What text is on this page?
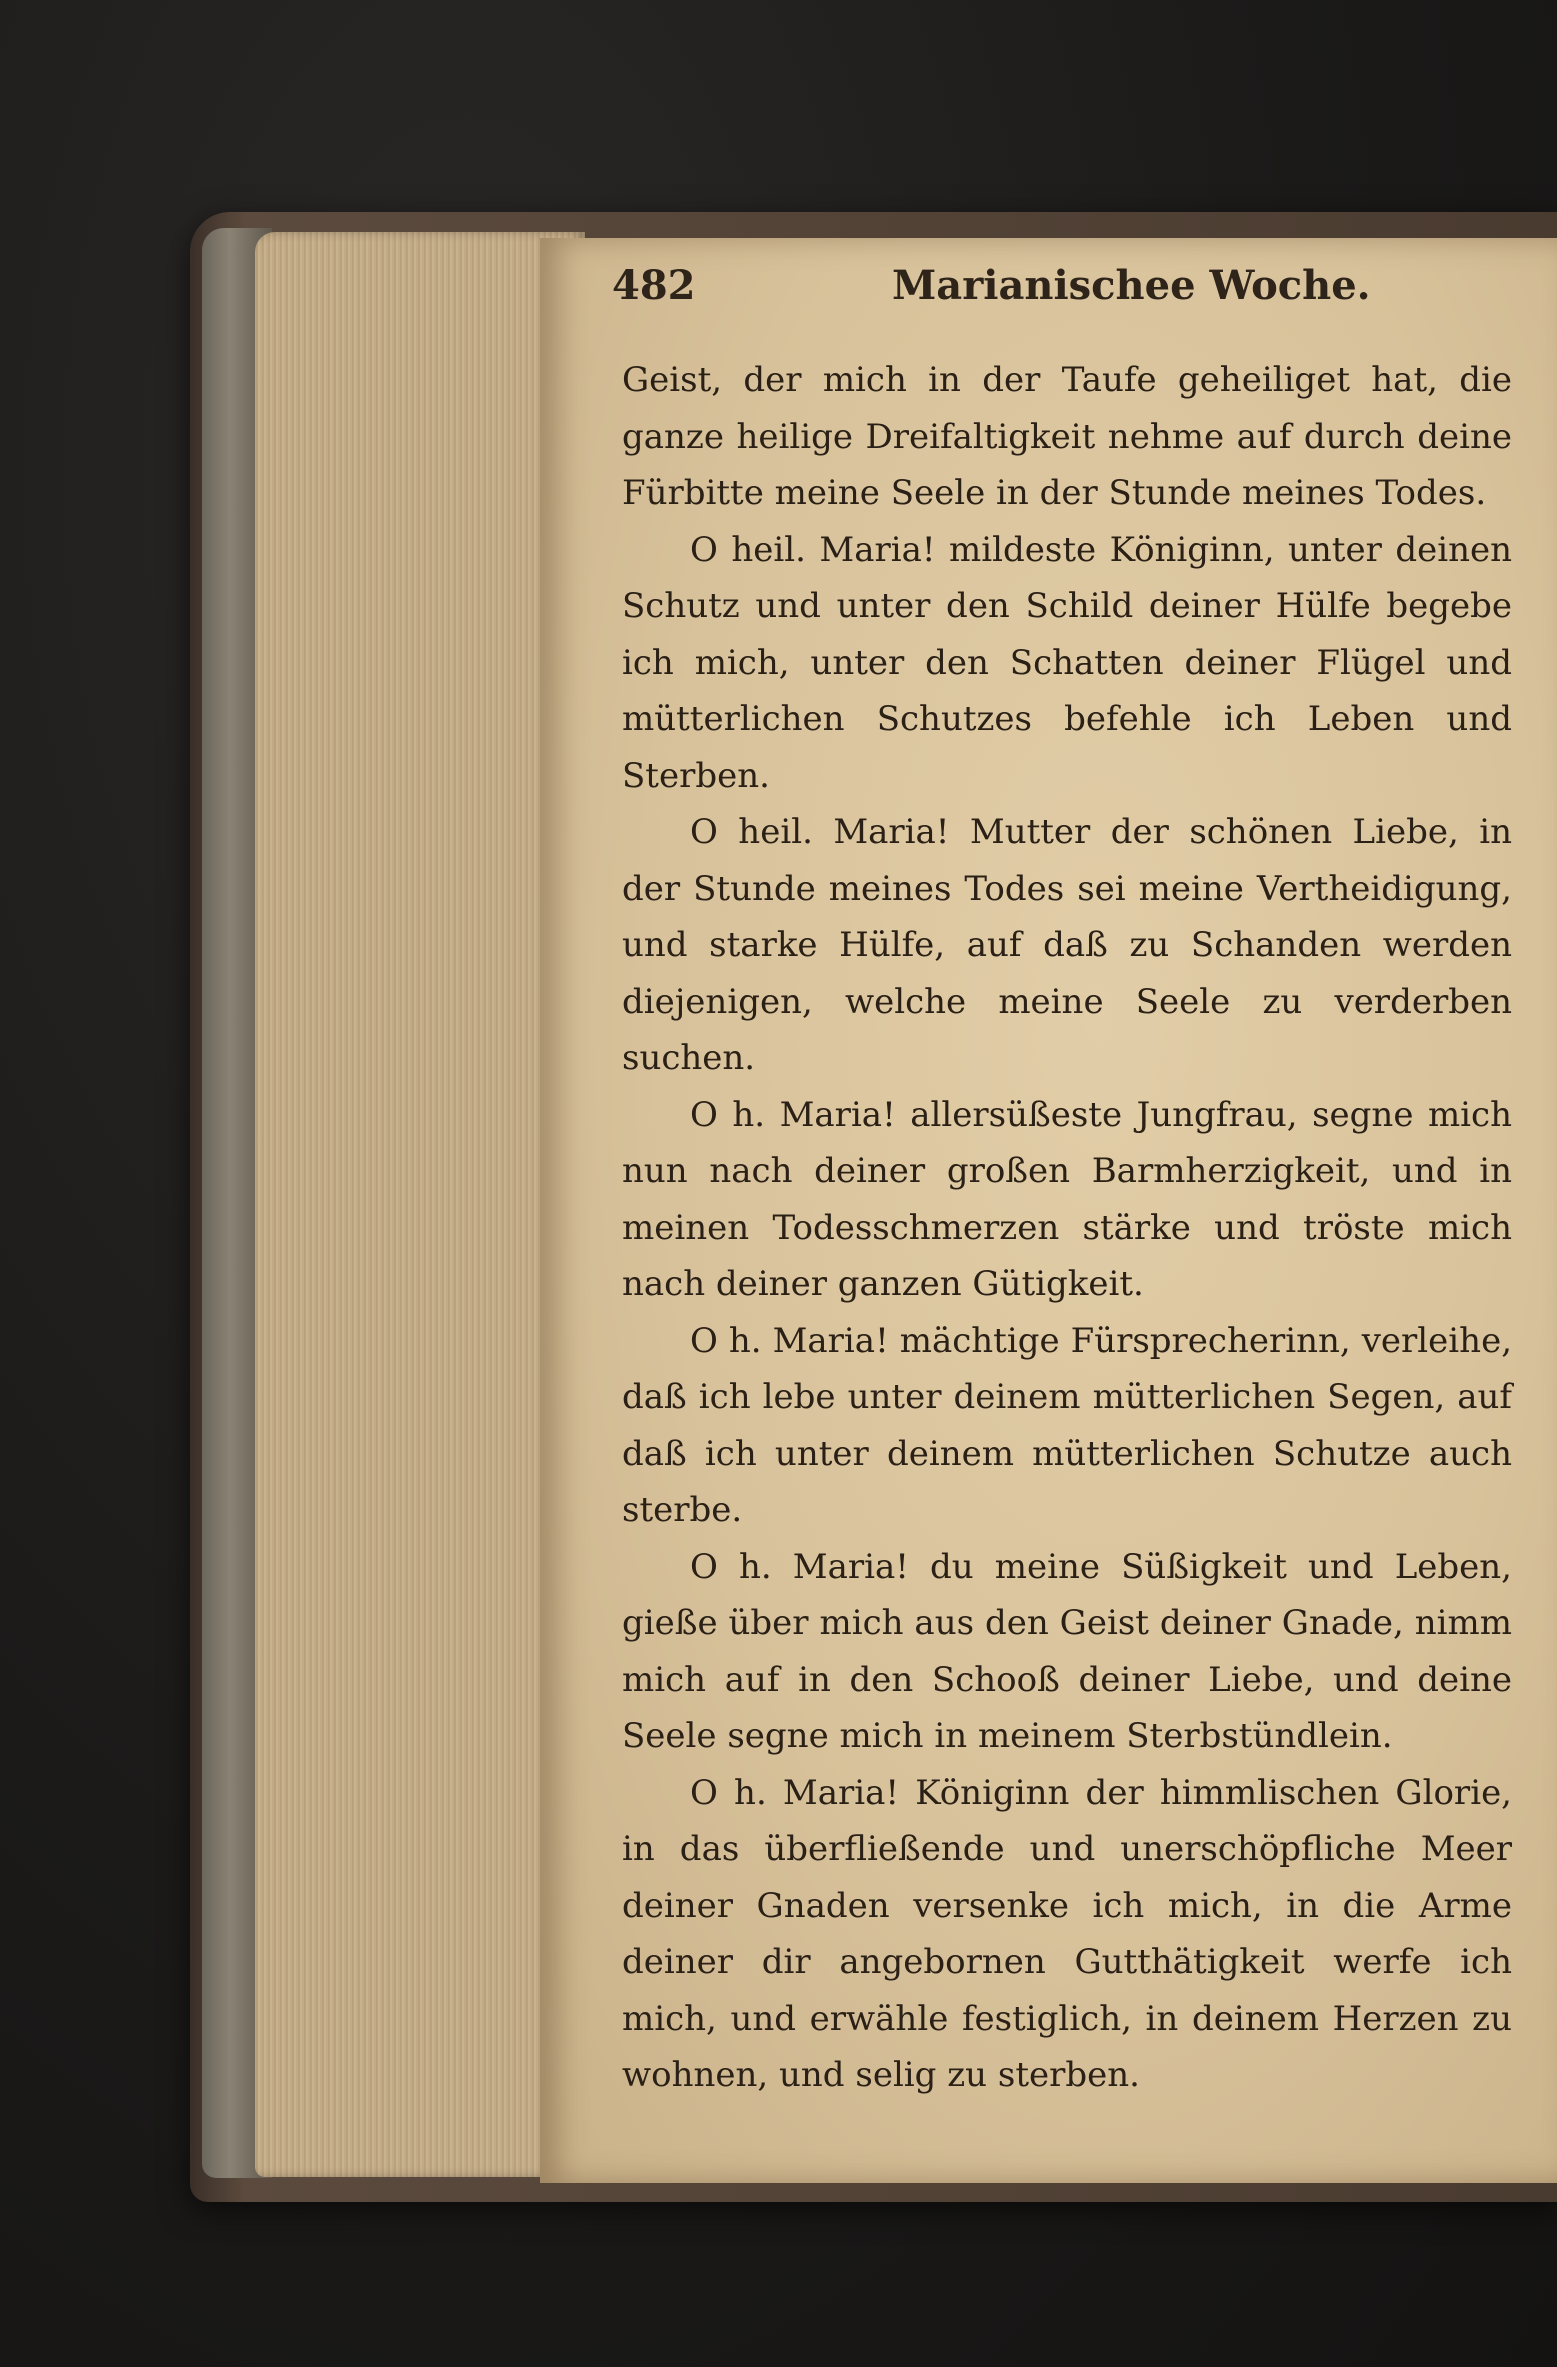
482	Marianischee Woche.

Geist, der mich in der Taufe geheiliget hat, die ganze heilige Dreifaltigkeit nehme auf durch deine Fürbitte meine Seele in der Stunde meines Todes.

O heil. Maria! mildeste Königinn, unter deinen Schutz und unter den Schild deiner Hülfe begebe ich mich, unter den Schatten deiner Flügel und mütterlichen Schutzes befehle ich Leben und Sterben.

O heil. Maria! Mutter der schönen Liebe, in der Stunde meines Todes sei meine Vertheidigung, und starke Hülfe, auf daß zu Schanden werden diejenigen, welche meine Seele zu verderben suchen.

O h. Maria! allersüßeste Jungfrau, segne mich nun nach deiner großen Barmherzigkeit, und in meinen Todesschmerzen stärke und tröste mich nach deiner ganzen Gütigkeit.

O h. Maria! mächtige Fürsprecherinn, verleihe, daß ich lebe unter deinem mütterlichen Segen, auf daß ich unter deinem mütterlichen Schutze auch sterbe.

O h. Maria! du meine Süßigkeit und Leben, gieße über mich aus den Geist deiner Gnade, nimm mich auf in den Schooß deiner Liebe, und deine Seele segne mich in meinem Sterbstündlein.

O h. Maria! Königinn der himmlischen Glorie, in das überfließende und unerschöpfliche Meer deiner Gnaden versenke ich mich, in die Arme deiner dir angebornen Gutthätigkeit werfe ich mich, und erwähle festiglich, in deinem Herzen zu wohnen, und selig zu sterben.
